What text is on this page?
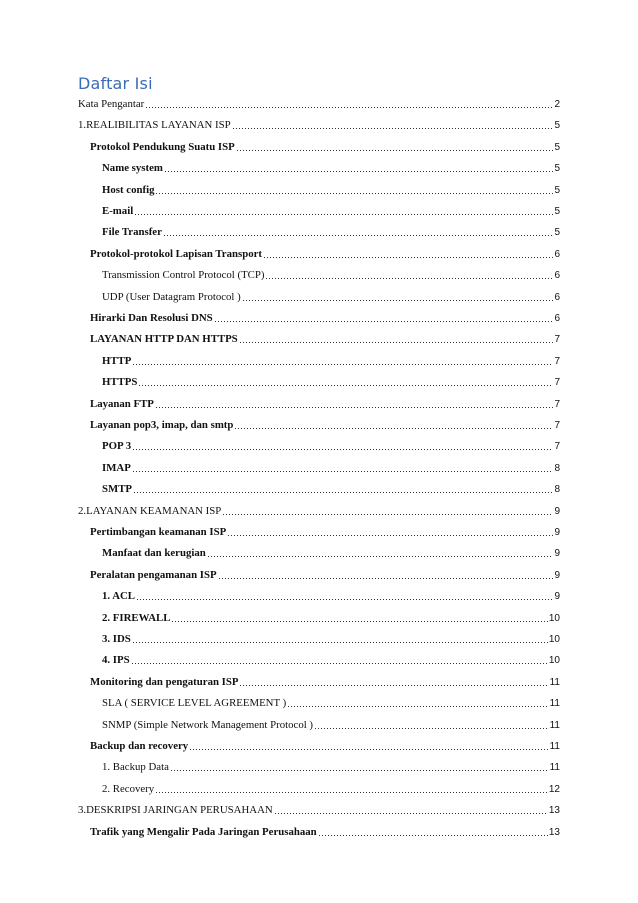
Daftar Isi
Kata Pengantar	2
1.REALIBILITAS LAYANAN ISP	5
Protokol Pendukung Suatu ISP	5
Name system	5
Host config	5
E-mail	5
File Transfer	5
Protokol-protokol Lapisan Transport	6
Transmission Control Protocol (TCP)	6
UDP (User Datagram Protocol )	6
Hirarki Dan Resolusi DNS	6
LAYANAN HTTP DAN HTTPS	7
HTTP	7
HTTPS	7
Layanan FTP	7
Layanan pop3, imap, dan smtp	7
POP 3	7
IMAP	8
SMTP	8
2.LAYANAN KEAMANAN ISP	9
Pertimbangan keamanan ISP	9
Manfaat dan kerugian	9
Peralatan pengamanan ISP	9
1. ACL	9
2. FIREWALL	10
3. IDS	10
4. IPS	10
Monitoring dan pengaturan ISP	11
SLA ( SERVICE LEVEL AGREEMENT )	11
SNMP (Simple Network Management Protocol )	11
Backup dan recovery	11
1. Backup Data	11
2. Recovery	12
3.DESKRIPSI JARINGAN PERUSAHAAN	13
Trafik yang Mengalir Pada Jaringan Perusahaan	13
